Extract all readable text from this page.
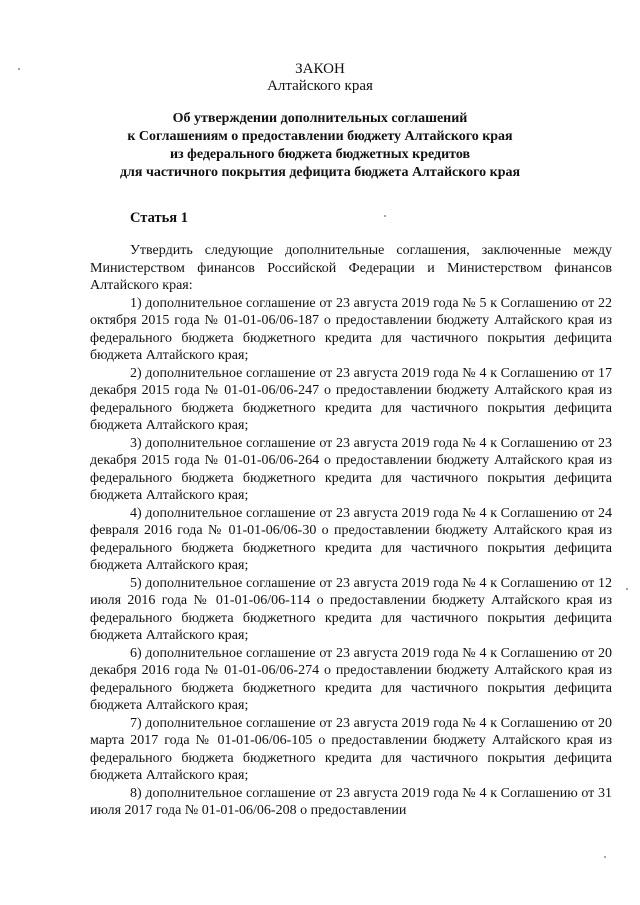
ЗАКОН
Алтайского края
Об утверждении дополнительных соглашений
к Соглашениям о предоставлении бюджету Алтайского края
из федерального бюджета бюджетных кредитов
для частичного покрытия дефицита бюджета Алтайского края
Статья 1

Утвердить следующие дополнительные соглашения, заключенные между Министерством финансов Российской Федерации и Министерством финансов Алтайского края:

1) дополнительное соглашение от 23 августа 2019 года № 5 к Соглашению от 22 октября 2015 года № 01-01-06/06-187 о предоставлении бюджету Алтайского края из федерального бюджета бюджетного кредита для частичного покрытия дефицита бюджета Алтайского края;

2) дополнительное соглашение от 23 августа 2019 года № 4 к Соглашению от 17 декабря 2015 года № 01-01-06/06-247 о предоставлении бюджету Алтайского края из федерального бюджета бюджетного кредита для частичного покрытия дефицита бюджета Алтайского края;

3) дополнительное соглашение от 23 августа 2019 года № 4 к Соглашению от 23 декабря 2015 года № 01-01-06/06-264 о предоставлении бюджету Алтайского края из федерального бюджета бюджетного кредита для частичного покрытия дефицита бюджета Алтайского края;

4) дополнительное соглашение от 23 августа 2019 года № 4 к Соглашению от 24 февраля 2016 года № 01-01-06/06-30 о предоставлении бюджету Алтайского края из федерального бюджета бюджетного кредита для частичного покрытия дефицита бюджета Алтайского края;

5) дополнительное соглашение от 23 августа 2019 года № 4 к Соглашению от 12 июля 2016 года № 01-01-06/06-114 о предоставлении бюджету Алтайского края из федерального бюджета бюджетного кредита для частичного покрытия дефицита бюджета Алтайского края;

6) дополнительное соглашение от 23 августа 2019 года № 4 к Соглашению от 20 декабря 2016 года № 01-01-06/06-274 о предоставлении бюджету Алтайского края из федерального бюджета бюджетного кредита для частичного покрытия дефицита бюджета Алтайского края;

7) дополнительное соглашение от 23 августа 2019 года № 4 к Соглашению от 20 марта 2017 года № 01-01-06/06-105 о предоставлении бюджету Алтайского края из федерального бюджета бюджетного кредита для частичного покрытия дефицита бюджета Алтайского края;

8) дополнительное соглашение от 23 августа 2019 года № 4 к Соглашению от 31 июля 2017 года № 01-01-06/06-208 о предоставлении
